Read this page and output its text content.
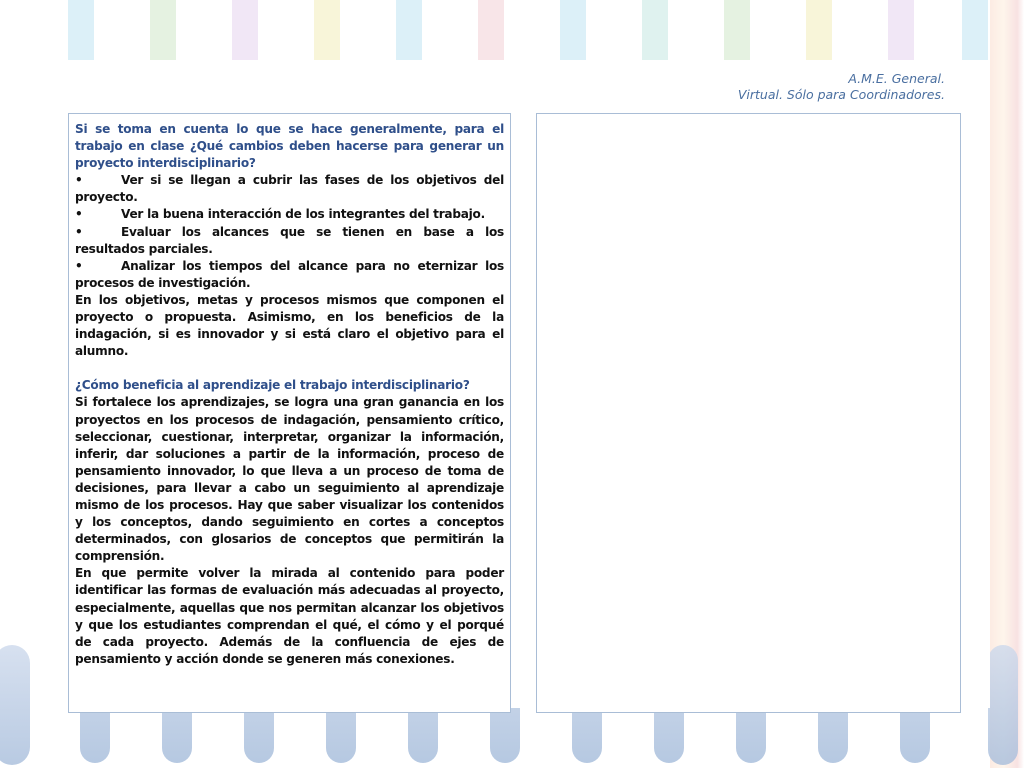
A.M.E. General.
Virtual. Sólo para Coordinadores.

Si se toma en cuenta lo que se hace generalmente, para el trabajo en clase ¿Qué cambios deben hacerse para generar un proyecto interdisciplinario?

•	Ver si se llegan a cubrir las fases de los objetivos del proyecto.

•	Ver la buena interacción de los integrantes del trabajo.

•	Evaluar los alcances que se tienen en base a los resultados parciales.

•	Analizar los tiempos del alcance para no eternizar los procesos de investigación.

En los objetivos, metas y procesos mismos que componen el proyecto o propuesta. Asimismo, en los beneficios de la indagación, si es innovador y si está claro el objetivo para el alumno.

¿Cómo beneficia al aprendizaje el trabajo interdisciplinario?

Si fortalece los aprendizajes, se logra una gran ganancia en los proyectos en los procesos de indagación, pensamiento crítico, seleccionar, cuestionar, interpretar, organizar la información, inferir, dar soluciones a partir de la información, proceso de pensamiento innovador, lo que lleva a un proceso de toma de decisiones, para llevar a cabo un seguimiento al aprendizaje mismo de los procesos. Hay que saber visualizar los contenidos y los conceptos, dando seguimiento en cortes a conceptos determinados, con glosarios de conceptos que permitirán la comprensión.

En que permite volver la mirada al contenido para poder identificar las formas de evaluación más adecuadas al proyecto, especialmente, aquellas que nos permitan alcanzar los objetivos y que los estudiantes comprendan el qué, el cómo y el porqué de cada proyecto. Además de la confluencia de ejes de pensamiento y acción donde se generen más conexiones.
